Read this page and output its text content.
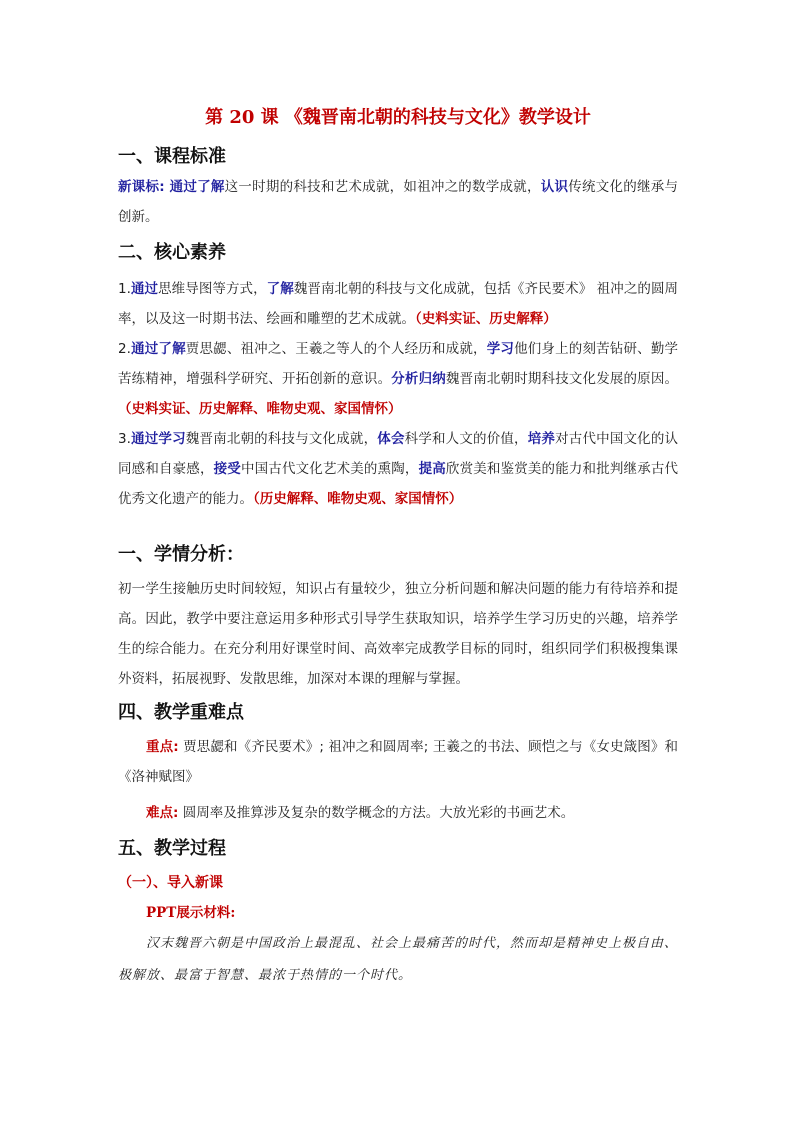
第 20 课 《魏晋南北朝的科技与文化》教学设计
一、课程标准

新课标: 通过了解这一时期的科技和艺术成就，如祖冲之的数学成就，认识传统文化的继承与创新。

二、核心素养

1.通过思维导图等方式，了解魏晋南北朝的科技与文化成就，包括《齐民要术》 祖冲之的圆周率，以及这一时期书法、绘画和雕塑的艺术成就。（史料实证、历史解释）

2.通过了解贾思勰、祖冲之、王羲之等人的个人经历和成就，学习他们身上的刻苦钻研、勤学苦练精神，增强科学研究、开拓创新的意识。分析归纳魏晋南北朝时期科技文化发展的原因。（史料实证、历史解释、唯物史观、家国情怀）

3.通过学习魏晋南北朝的科技与文化成就，体会科学和人文的价值，培养对古代中国文化的认同感和自豪感，接受中国古代文化艺术美的熏陶，提高欣赏美和鉴赏美的能力和批判继承古代优秀文化遗产的能力。（历史解释、唯物史观、家国情怀）

一、学情分析：

初一学生接触历史时间较短，知识占有量较少，独立分析问题和解决问题的能力有待培养和提高。因此，教学中要注意运用多种形式引导学生获取知识，培养学生学习历史的兴趣，培养学生的综合能力。在充分利用好课堂时间、高效率完成教学目标的同时，组织同学们积极搜集课外资料，拓展视野、发散思维，加深对本课的理解与掌握。

四、教学重难点

重点: 贾思勰和《齐民要术》; 祖冲之和圆周率; 王羲之的书法、顾恺之与《女史箴图》和《洛神赋图》

难点: 圆周率及推算涉及复杂的数学概念的方法。大放光彩的书画艺术。

五、教学过程

（一）、导入新课

PPT展示材料:

汉末魏晋六朝是中国政治上最混乱、社会上最痛苦的时代，然而却是精神史上极自由、极解放、最富于智慧、最浓于热情的一个时代。
